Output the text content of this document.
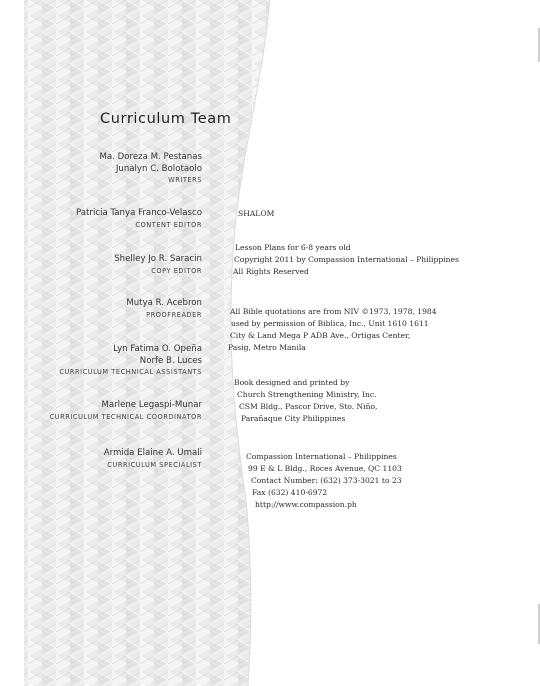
Curriculum Team
Ma. Doreza M. Pestanas
Junalyn C. Bolotaolo
WRITERS
Patricia Tanya Franco-Velasco
CONTENT EDITOR
Shelley Jo R. Saracin
COPY EDITOR
Mutya R. Acebron
PROOFREADER
Lyn Fatima O. Opeña
Norfe B. Luces
CURRICULUM TECHNICAL ASSISTANTS
Marlene Legaspi-Munar
CURRICULUM TECHNICAL COORDINATOR
Armida Elaine A. Umali
CURRICULUM SPECIALIST
SHALOM
Lesson Plans for 6-8 years old
Copyright 2011 by Compassion International – Philippines
All Rights Reserved
All Bible quotations are from NIV ©1973, 1978, 1984
used by permission of Biblica, Inc., Unit 1610 1611
City & Land Mega P ADB Ave., Ortigas Center,
Pasig, Metro Manila
Book designed and printed by
Church Strengthening Ministry, Inc.
CSM Bldg., Pascor Drive, Sto. Niño,
Parañaque City Philippines
Compassion International – Philippines
99 E & L Bldg., Roces Avenue, QC 1103
Contact Number: (632) 373-3021 to 23
Fax (632) 410-6972
http://www.compassion.ph
